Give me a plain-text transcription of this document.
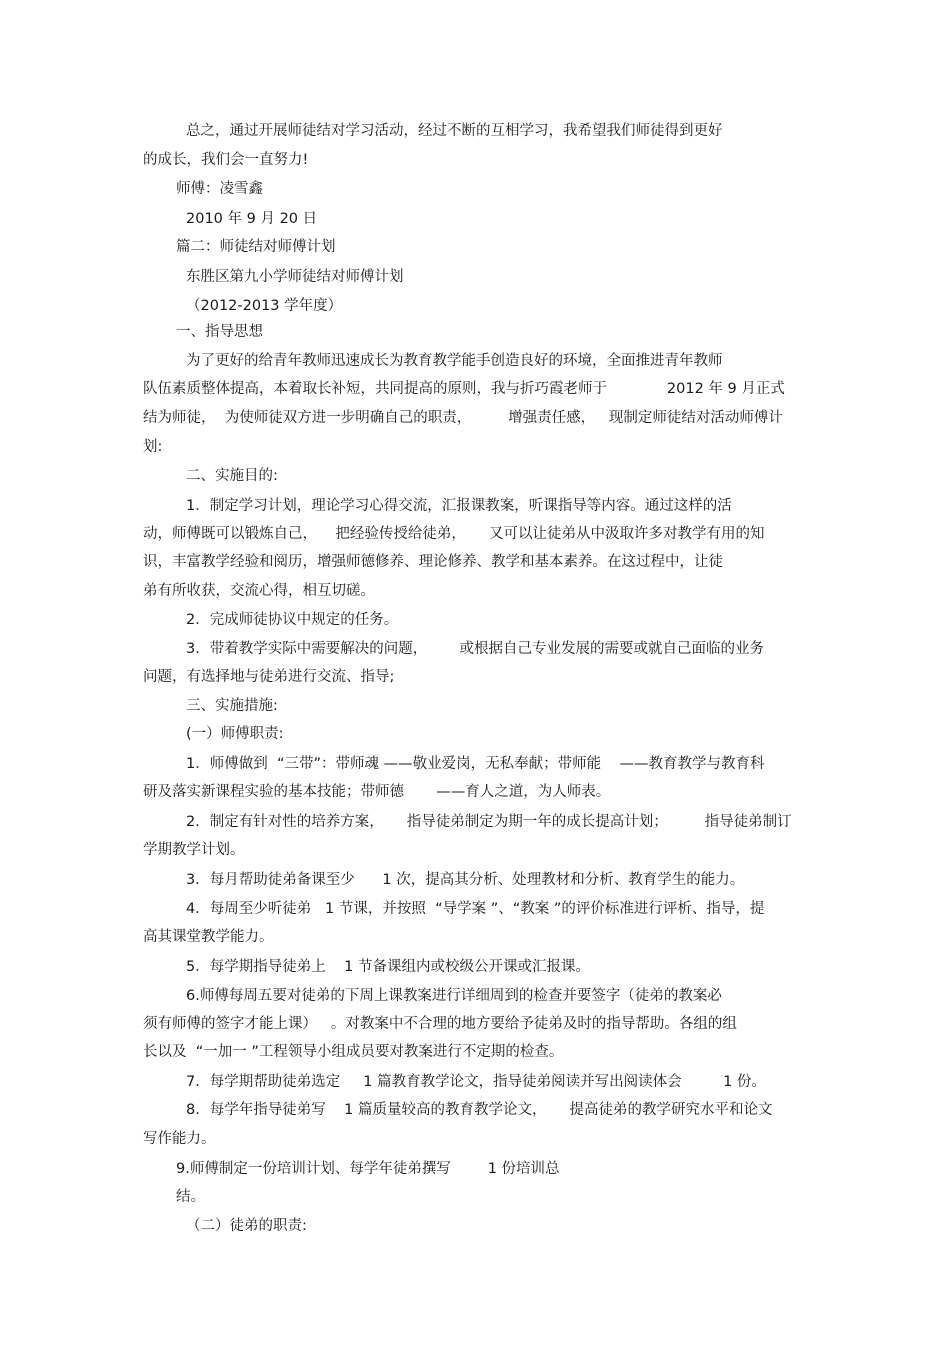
总之，通过开展师徒结对学习活动，经过不断的互相学习，我希望我们师徒得到更好

的成长，我们会一直努力!

师傅：凌雪鑫

2010 年 9 月 20 日

篇二：师徒结对师傅计划

东胜区第九小学师徒结对师傅计划

（2012-2013 学年度）

一、指导思想

为了更好的给青年教师迅速成长为教育教学能手创造良好的环境，全面推进青年教师

队伍素质整体提高，本着取长补短，共同提高的原则，我与折巧霞老师于             2012 年 9 月正式

结为师徒，  为使师徒双方进一步明确自己的职责，        增强责任感，   现制定师徒结对活动师傅计

划:

二、实施目的:

1．制定学习计划，理论学习心得交流，汇报课教案，听课指导等内容。通过这样的活

动，师傅既可以锻炼自己，    把经验传授给徒弟，     又可以让徒弟从中汲取许多对教学有用的知

识，丰富教学经验和阅历，增强师德修养、理论修养、教学和基本素养。在这过程中，让徒

弟有所收获，交流心得，相互切磋。

2．完成师徒协议中规定的任务。

3．带着教学实际中需要解决的问题，       或根据自己专业发展的需要或就自己面临的业务

问题，有选择地与徒弟进行交流、指导;

三、实施措施:

(一）师傅职责:

1．师傅做到  “三带”：带师魂 ——敬业爱岗，无私奉献；带师能    ——教育教学与教育科

研及落实新课程实验的基本技能；带师德       ——育人之道，为人师表。

2．制定有针对性的培养方案，     指导徒弟制定为期一年的成长提高计划；        指导徒弟制订

学期教学计划。

3．每月帮助徒弟备课至少      1 次，提高其分析、处理教材和分析、教育学生的能力。

4．每周至少听徒弟   1 节课，并按照  “导学案 ”、“教案 ”的评价标准进行评析、指导，提

高其课堂教学能力。

5．每学期指导徒弟上    1 节备课组内或校级公开课或汇报课。

6.师傅每周五要对徒弟的下周上课教案进行详细周到的检查并要签字（徒弟的教案必

须有师傅的签字才能上课）   。对教案中不合理的地方要给予徒弟及时的指导帮助。各组的组

长以及  “一加一 ”工程领导小组成员要对教案进行不定期的检查。

7．每学期帮助徒弟选定     1 篇教育教学论文，指导徒弟阅读并写出阅读体会         1 份。

8．每学年指导徒弟写    1 篇质量较高的教育教学论文，     提高徒弟的教学研究水平和论文

写作能力。

9.师傅制定一份培训计划、每学年徒弟撰写        1 份培训总

结。

（二）徒弟的职责:
